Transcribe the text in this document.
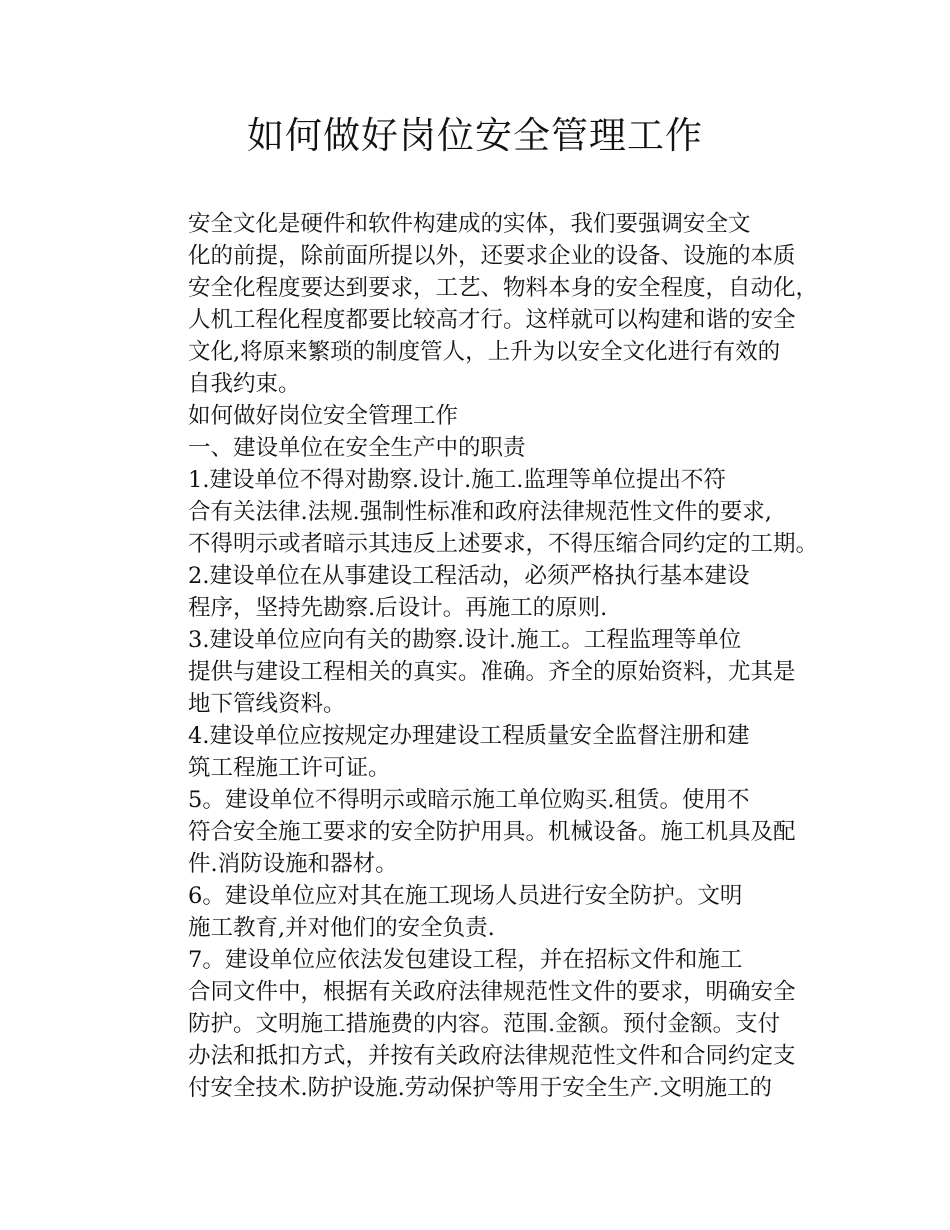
如何做好岗位安全管理工作

安全文化是硬件和软件构建成的实体，我们要强调安全文
化的前提，除前面所提以外，还要求企业的设备、设施的本质
安全化程度要达到要求，工艺、物料本身的安全程度，自动化，
人机工程化程度都要比较高才行。这样就可以构建和谐的安全
文化,将原来繁琐的制度管人，上升为以安全文化进行有效的
自我约束。

如何做好岗位安全管理工作

一、建设单位在安全生产中的职责

1.建设单位不得对勘察.设计.施工.监理等单位提出不符
合有关法律.法规.强制性标准和政府法律规范性文件的要求,
不得明示或者暗示其违反上述要求，不得压缩合同约定的工期。

2.建设单位在从事建设工程活动，必须严格执行基本建设
程序，坚持先勘察.后设计。再施工的原则.

3.建设单位应向有关的勘察.设计.施工。工程监理等单位
提供与建设工程相关的真实。准确。齐全的原始资料，尤其是
地下管线资料。

4.建设单位应按规定办理建设工程质量安全监督注册和建
筑工程施工许可证。

5。建设单位不得明示或暗示施工单位购买.租赁。使用不
符合安全施工要求的安全防护用具。机械设备。施工机具及配
件.消防设施和器材。

6。建设单位应对其在施工现场人员进行安全防护。文明
施工教育,并对他们的安全负责.

7。建设单位应依法发包建设工程，并在招标文件和施工
合同文件中，根据有关政府法律规范性文件的要求，明确安全
防护。文明施工措施费的内容。范围.金额。预付金额。支付
办法和抵扣方式，并按有关政府法律规范性文件和合同约定支
付安全技术.防护设施.劳动保护等用于安全生产.文明施工的
